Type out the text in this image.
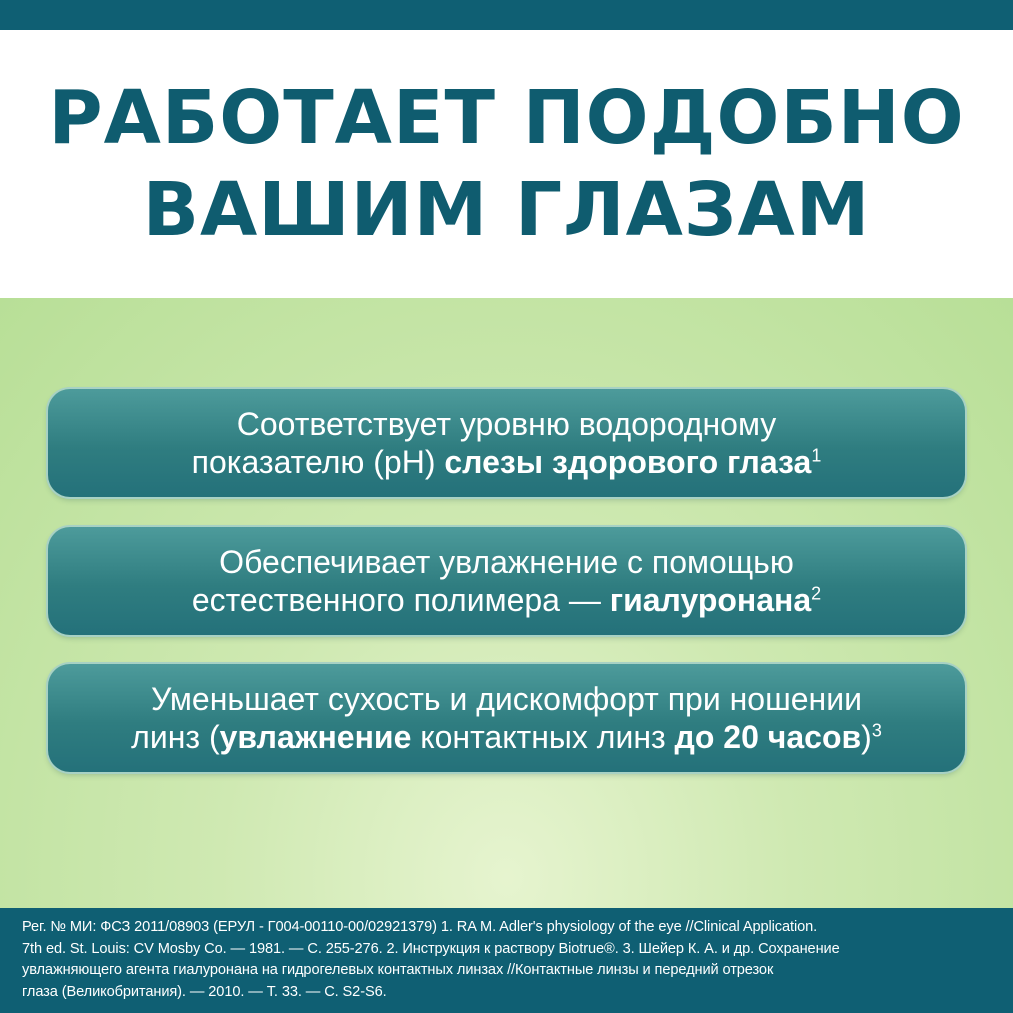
РАБОТАЕТ ПОДОБНО
ВАШИМ ГЛАЗАМ
Соответствует уровню водородному
показателю (pH) слезы здорового глаза$^1$
Обеспечивает увлажнение с помощью
естественного полимера — гиалуронана$^2$
Уменьшает сухость и дискомфорт при ношении
линз (увлажнение контактных линз до 20 часов)$^3$
Рег. № МИ: ФСЗ 2011/08903 (ЕРУЛ - Г004-00110-00/02921379) 1. RA M. Adler's physiology of the eye //Clinical Application.
7th ed. St. Louis: CV Mosby Co. — 1981. — С. 255-276. 2. Инструкция к раствору Biotrue®. 3. Шейер К. А. и др. Сохранение
увлажняющего агента гиалуронана на гидрогелевых контактных линзах //Контактные линзы и передний отрезок
глаза (Великобритания). — 2010. — Т. 33. — С. S2-S6.
